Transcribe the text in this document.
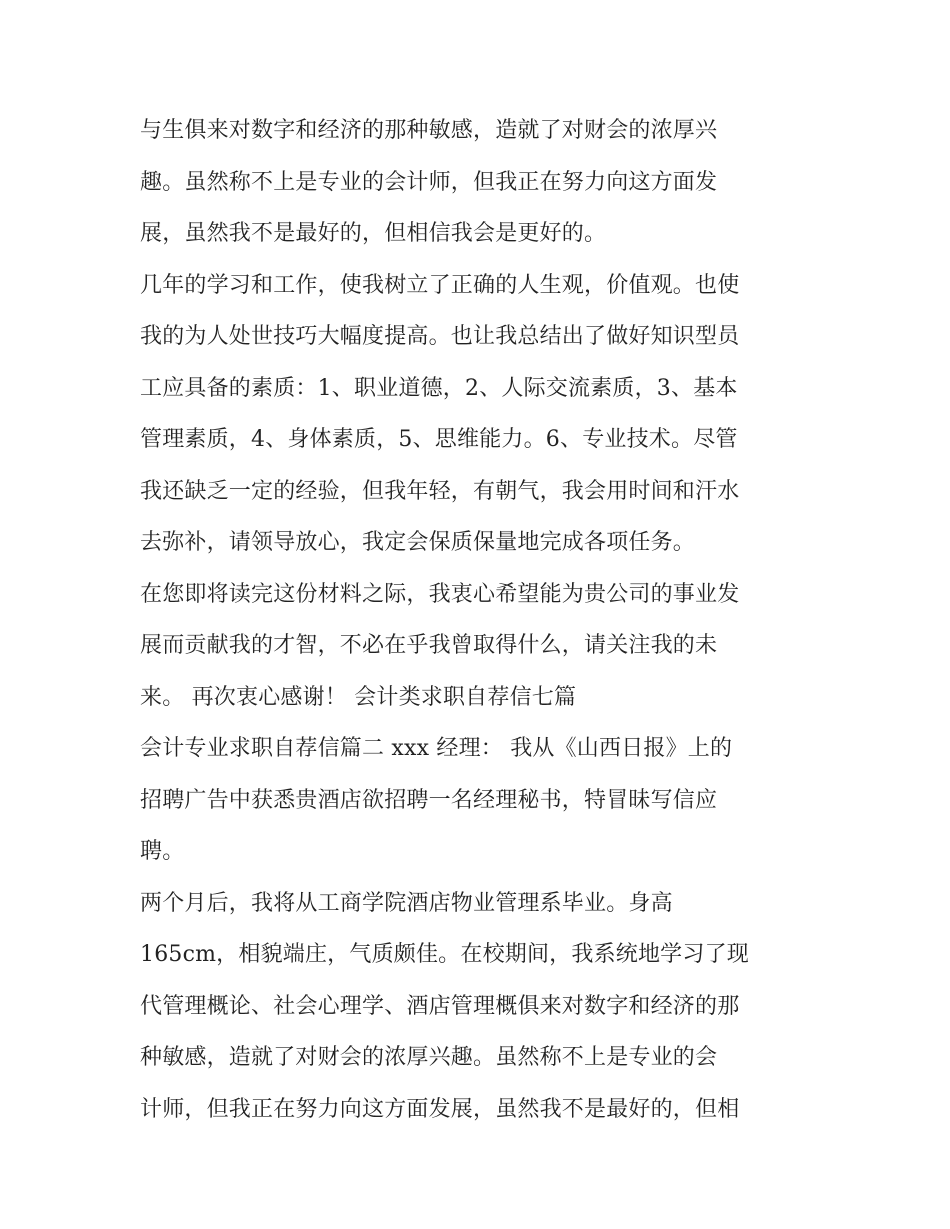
与生俱来对数字和经济的那种敏感，造就了对财会的浓厚兴
趣。虽然称不上是专业的会计师，但我正在努力向这方面发
展，虽然我不是最好的，但相信我会是更好的。
几年的学习和工作，使我树立了正确的人生观，价值观。也使
我的为人处世技巧大幅度提高。也让我总结出了做好知识型员
工应具备的素质：1、职业道德，2、人际交流素质，3、基本
管理素质，4、身体素质，5、思维能力。6、专业技术。尽管
我还缺乏一定的经验，但我年轻，有朝气，我会用时间和汗水
去弥补，请领导放心，我定会保质保量地完成各项任务。
在您即将读完这份材料之际，我衷心希望能为贵公司的事业发
展而贡献我的才智，不必在乎我曾取得什么，请关注我的未
来。 再次衷心感谢！ 会计类求职自荐信七篇
会计专业求职自荐信篇二 xxx 经理： 我从《山西日报》上的
招聘广告中获悉贵酒店欲招聘一名经理秘书，特冒昧写信应
聘。
两个月后，我将从工商学院酒店物业管理系毕业。身高
165cm，相貌端庄，气质颇佳。在校期间，我系统地学习了现
代管理概论、社会心理学、酒店管理概俱来对数字和经济的那
种敏感，造就了对财会的浓厚兴趣。虽然称不上是专业的会
计师，但我正在努力向这方面发展，虽然我不是最好的，但相
